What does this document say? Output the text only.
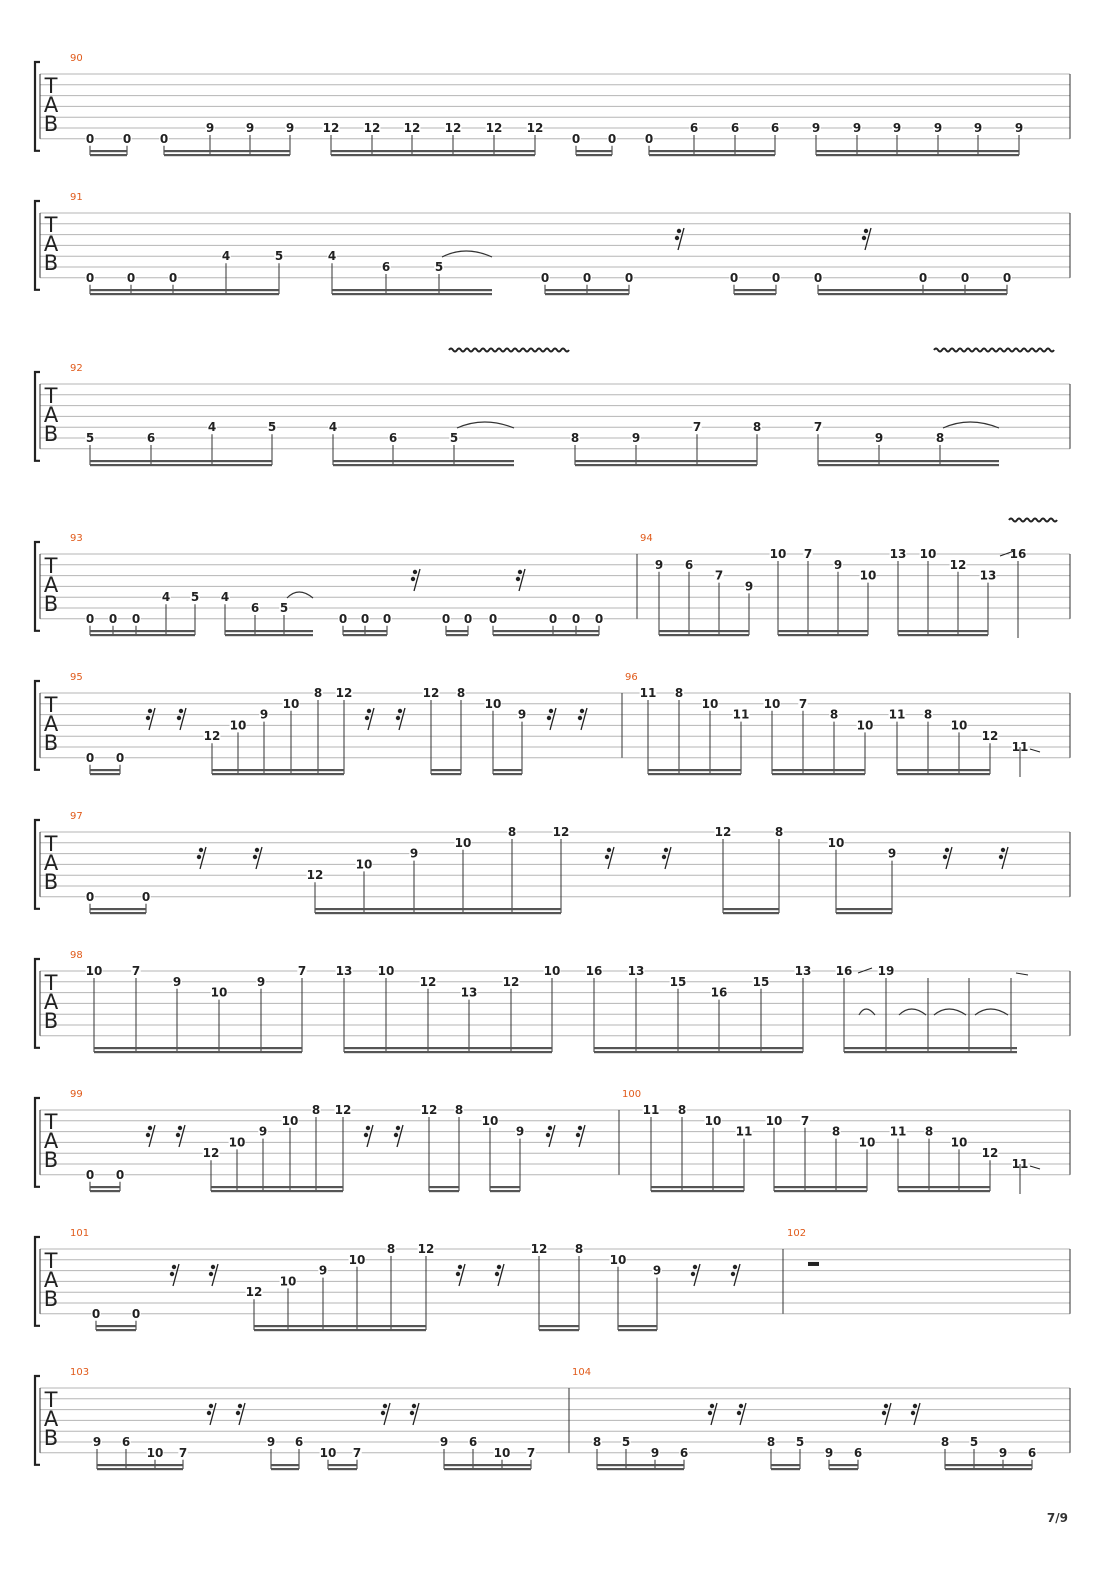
7/9
T
A
B
90
0 0 0
9	9	9 12 12 12 12 12 12
0 0 0
6	6	6	9	9	9	9	9	9
T
A
B
91
0	0	0
4	5	4
6	5
0	0	0	0	0	0	0	0	0
T
A
B
92
5	6
4	5	4
6	5	8	9
7	8	7
9	8
T
A
B
93	94
0 0 0
4 5 4
6 5
0 0 0	0 0 0	0 0 0
9 6
7
9
10 7
9
10
13 10
12
13
16
T
A
B
95	96
0 0
12
10
9
10
8 12	12 8
10
9
11 8
10
11
10 7
8
10
11 8
10
12
11
T
A
B
97
0	0
12
10
9
10
8	12	12	8
10
9
T
A
B
98
10 7
9
10
9
7 13 10
12
13
12
10 16 13
15
16
15
13 16 19
T
A
B
99	100
0 0
12
10
9
10
8 12	12 8
10
9
11 8
10
11
10 7
8
10
11 8
10
12
11
T
A
B
101	102
0	0
12
10
9
10
8 12	12 8
10
9
T
A
B
103	104
9 6
10 7
9 6
10 7
9 6
10 7
8 5
9 6
8 5
9 6
8 5
9 6
